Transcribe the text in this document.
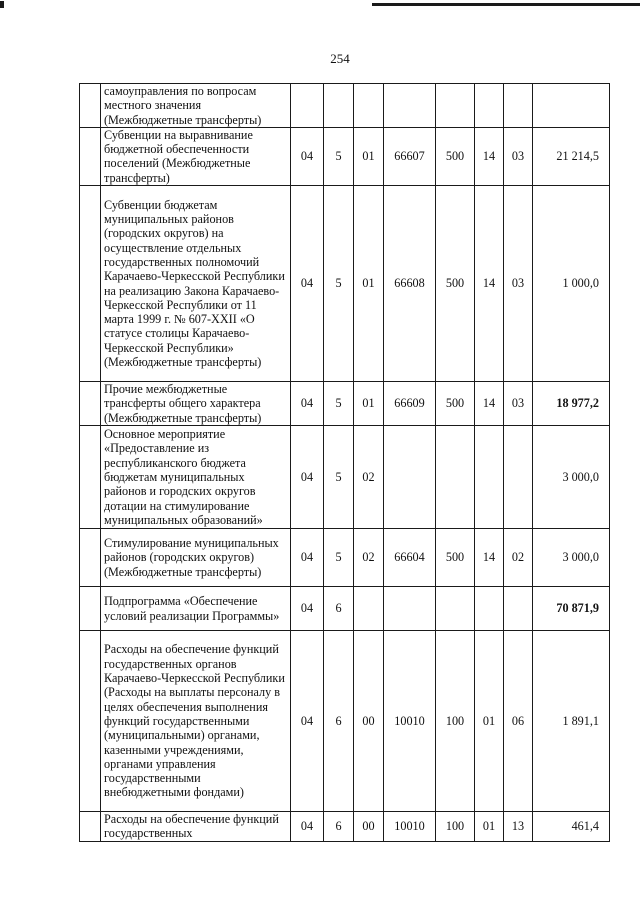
254
	самоуправления по вопросам местного значения (Межбюджетные трансферты)								
	Субвенции на выравнивание бюджетной обеспеченности поселений (Межбюджетные трансферты)	04	5	01	66607	500	14	03	21 214,5
	Субвенции бюджетам муниципальных районов (городских округов) на осуществление отдельных государственных полномочий Карачаево-Черкесской Республики на реализацию Закона Карачаево-Черкесской Республики от 11 марта 1999 г. № 607-XXII «О статусе столицы Карачаево-Черкесской Республики» (Межбюджетные трансферты)	04	5	01	66608	500	14	03	1 000,0
	Прочие межбюджетные трансферты общего характера (Межбюджетные трансферты)	04	5	01	66609	500	14	03	18 977,2
	Основное мероприятие «Предоставление из республиканского бюджета бюджетам муниципальных районов и городских округов дотации на стимулирование муниципальных образований»	04	5	02					3 000,0
	Стимулирование муниципальных районов (городских округов) (Межбюджетные трансферты)	04	5	02	66604	500	14	02	3 000,0
	Подпрограмма «Обеспечение условий реализации Программы»	04	6						70 871,9
	Расходы на обеспечение функций государственных органов Карачаево-Черкесской Республики (Расходы на выплаты персоналу в целях обеспечения выполнения функций государственными (муниципальными) органами, казенными учреждениями, органами управления государственными внебюджетными фондами)	04	6	00	10010	100	01	06	1 891,1
	Расходы на обеспечение функций государственных	04	6	00	10010	100	01	13	461,4
